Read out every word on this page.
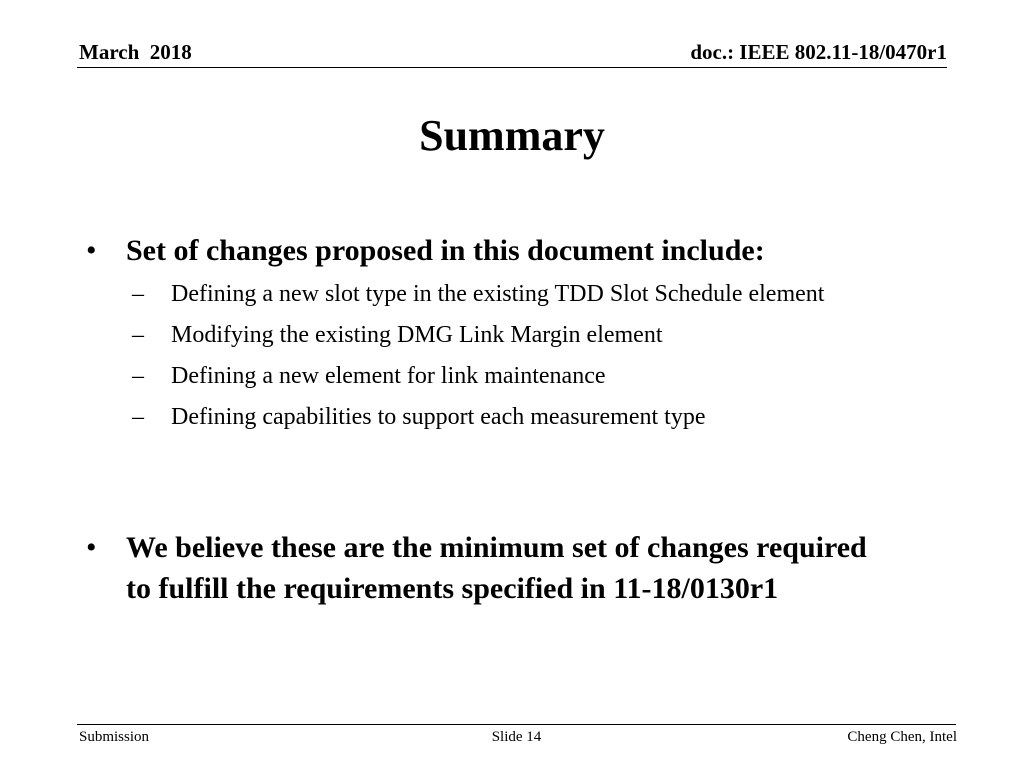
March  2018	doc.: IEEE 802.11-18/0470r1
Summary
• Set of changes proposed in this document include:
– Defining a new slot type in the existing TDD Slot Schedule element
– Modifying the existing DMG Link Margin element
– Defining a new element for link maintenance
– Defining capabilities to support each measurement type
• We believe these are the minimum set of changes required to fulfill the requirements specified in 11-18/0130r1
Submission	Slide 14	Cheng Chen, Intel
